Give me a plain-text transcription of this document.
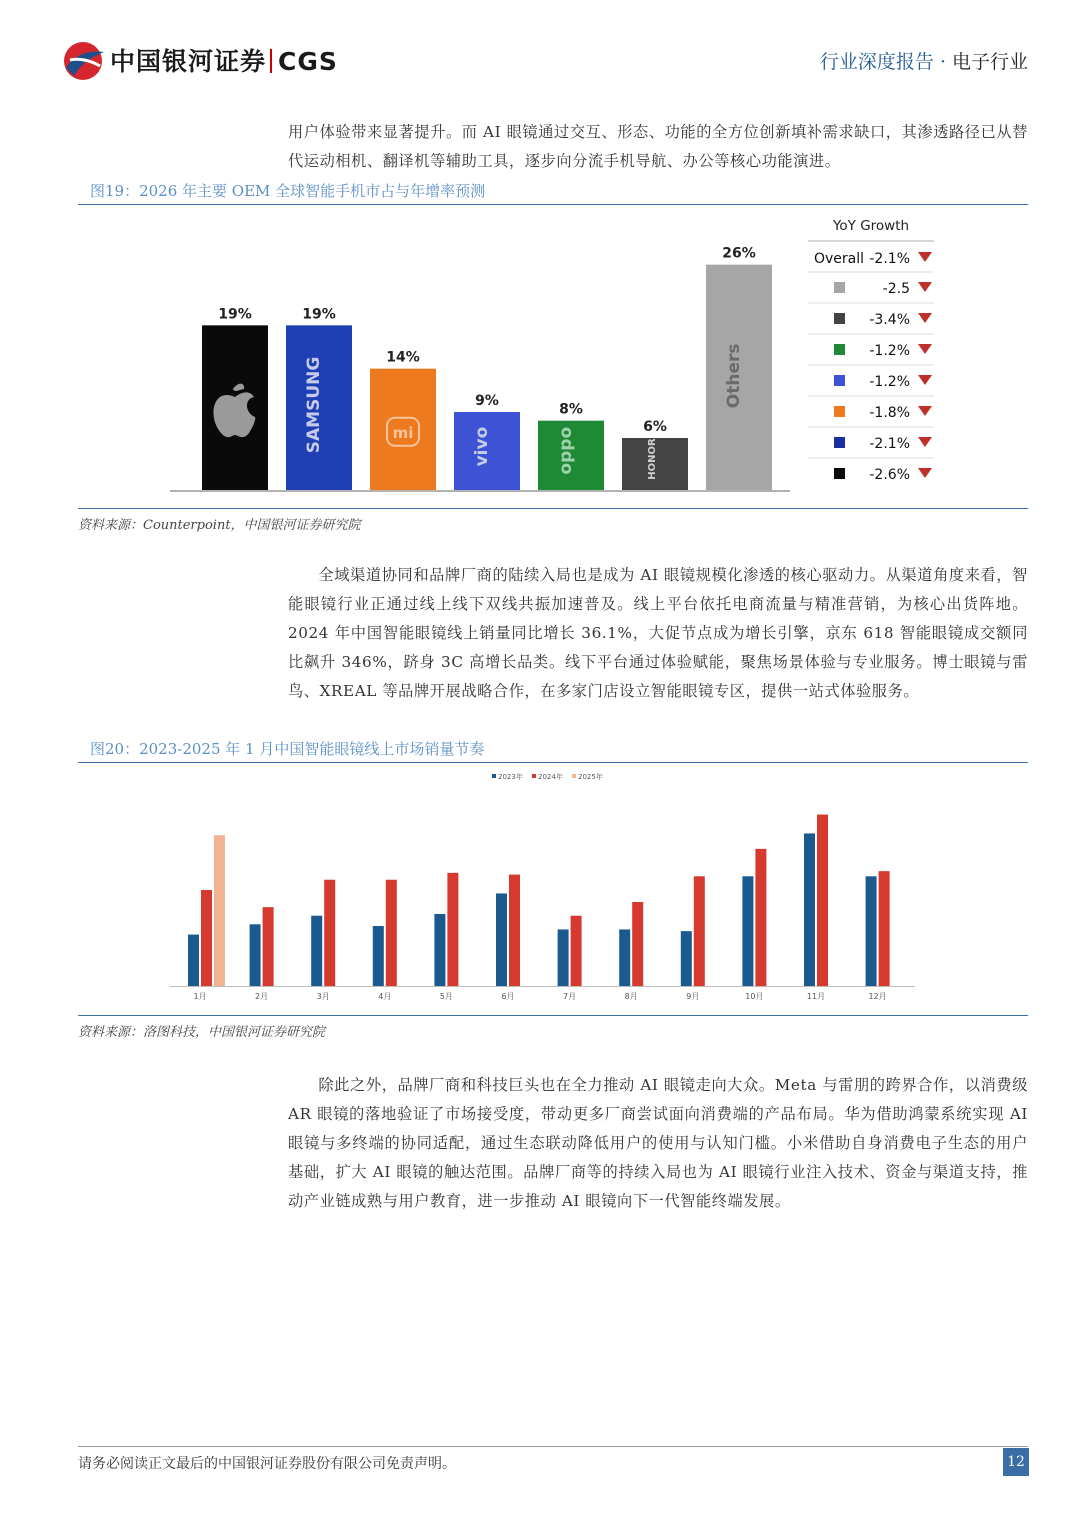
中国银河证券 CGS	行业深度报告 · 电子行业
用户体验带来显著提升。而 AI 眼镜通过交互、形态、功能的全方位创新填补需求缺口，其渗透路径已从替代运动相机、翻译机等辅助工具，逐步向分流手机导航、办公等核心功能演进。
图19：2026 年主要 OEM 全球智能手机市占与年增率预测
19%	19%
SAMSUNG	14%
mi
9%
vivo
8%
oppo	6%
HONOR
26%
Others
YoY Growth
Overall -2.1%
-2.5
-3.4%
-1.2%
-1.2%
-1.8%
-2.1%
-2.6%
资料来源：Counterpoint，中国银河证券研究院
全域渠道协同和品牌厂商的陆续入局也是成为 AI 眼镜规模化渗透的核心驱动力。从渠道角度来看，智能眼镜行业正通过线上线下双线共振加速普及。线上平台依托电商流量与精准营销，为核心出货阵地。2024 年中国智能眼镜线上销量同比增长 36.1%，大促节点成为增长引擎，京东 618 智能眼镜成交额同比飙升 346%，跻身 3C 高增长品类。线下平台通过体验赋能，聚焦场景体验与专业服务。博士眼镜与雷鸟、XREAL 等品牌开展战略合作，在多家门店设立智能眼镜专区，提供一站式体验服务。
图20：2023-2025 年 1 月中国智能眼镜线上市场销量节奏
2023年 2024年 2025年
1月	2月	3月	4月	5月	6月	7月	8月	9月	10月	11月	12月
资料来源：洛图科技，中国银河证券研究院
除此之外，品牌厂商和科技巨头也在全力推动 AI 眼镜走向大众。Meta 与雷朋的跨界合作，以消费级 AR 眼镜的落地验证了市场接受度，带动更多厂商尝试面向消费端的产品布局。华为借助鸿蒙系统实现 AI 眼镜与多终端的协同适配，通过生态联动降低用户的使用与认知门槛。小米借助自身消费电子生态的用户基础，扩大 AI 眼镜的触达范围。品牌厂商等的持续入局也为 AI 眼镜行业注入技术、资金与渠道支持，推动产业链成熟与用户教育，进一步推动 AI 眼镜向下一代智能终端发展。
请务必阅读正文最后的中国银河证券股份有限公司免责声明。	12
